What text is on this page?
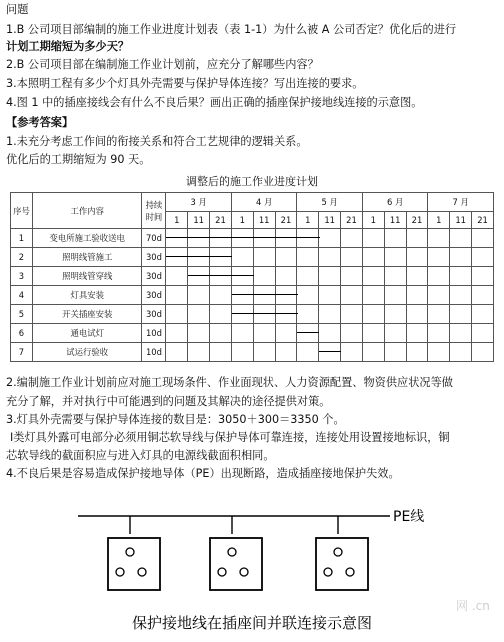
问题
1.B 公司项目部编制的施工作业进度计划表（表 1-1）为什么被 A 公司否定？优化后的进行
计划工期缩短为多少天？
2.B 公司项目部在编制施工作业计划前，应充分了解哪些内容？
3.本照明工程有多少个灯具外壳需要与保护导体连接？写出连接的要求。
4.图 1 中的插座接线会有什么不良后果？画出正确的插座保护接地线连接的示意图。
【参考答案】
1.未充分考虑工作间的衔接关系和符合工艺规律的逻辑关系。
优化后的工期缩短为 90 天。
调整后的施工作业进度计划
序号	工作内容	持续时间	3 月			4 月			5 月			6 月			7 月		
			1	11	21	1	11	21	1	11	21	1	11	21	1	11	21
1	变电所施工验收送电	70d	

2	照明线管施工	30d	

3	照明线管穿线	30d		

4	灯具安装	30d				

5	开关插座安装	30d				

6	通电试灯	10d							

7	试运行验收	10d								

2.编制施工作业计划前应对施工现场条件、作业面现状、人力资源配置、物资供应状况等做
充分了解，并对执行中可能遇到的问题及其解决的途径提供对策。
3.灯具外壳需要与保护导体连接的数目是：3050＋300＝3350 个。
Ⅰ类灯具外露可电部分必须用铜芯软导线与保护导体可靠连接，连接处用设置接地标识，铜
芯软导线的截面积应与进入灯具的电源线截面积相同。
4.不良后果是容易造成保护接地导体（PE）出现断路，造成插座接地保护失效。
PE线
保护接地线在插座间并联连接示意图
网 .cn
